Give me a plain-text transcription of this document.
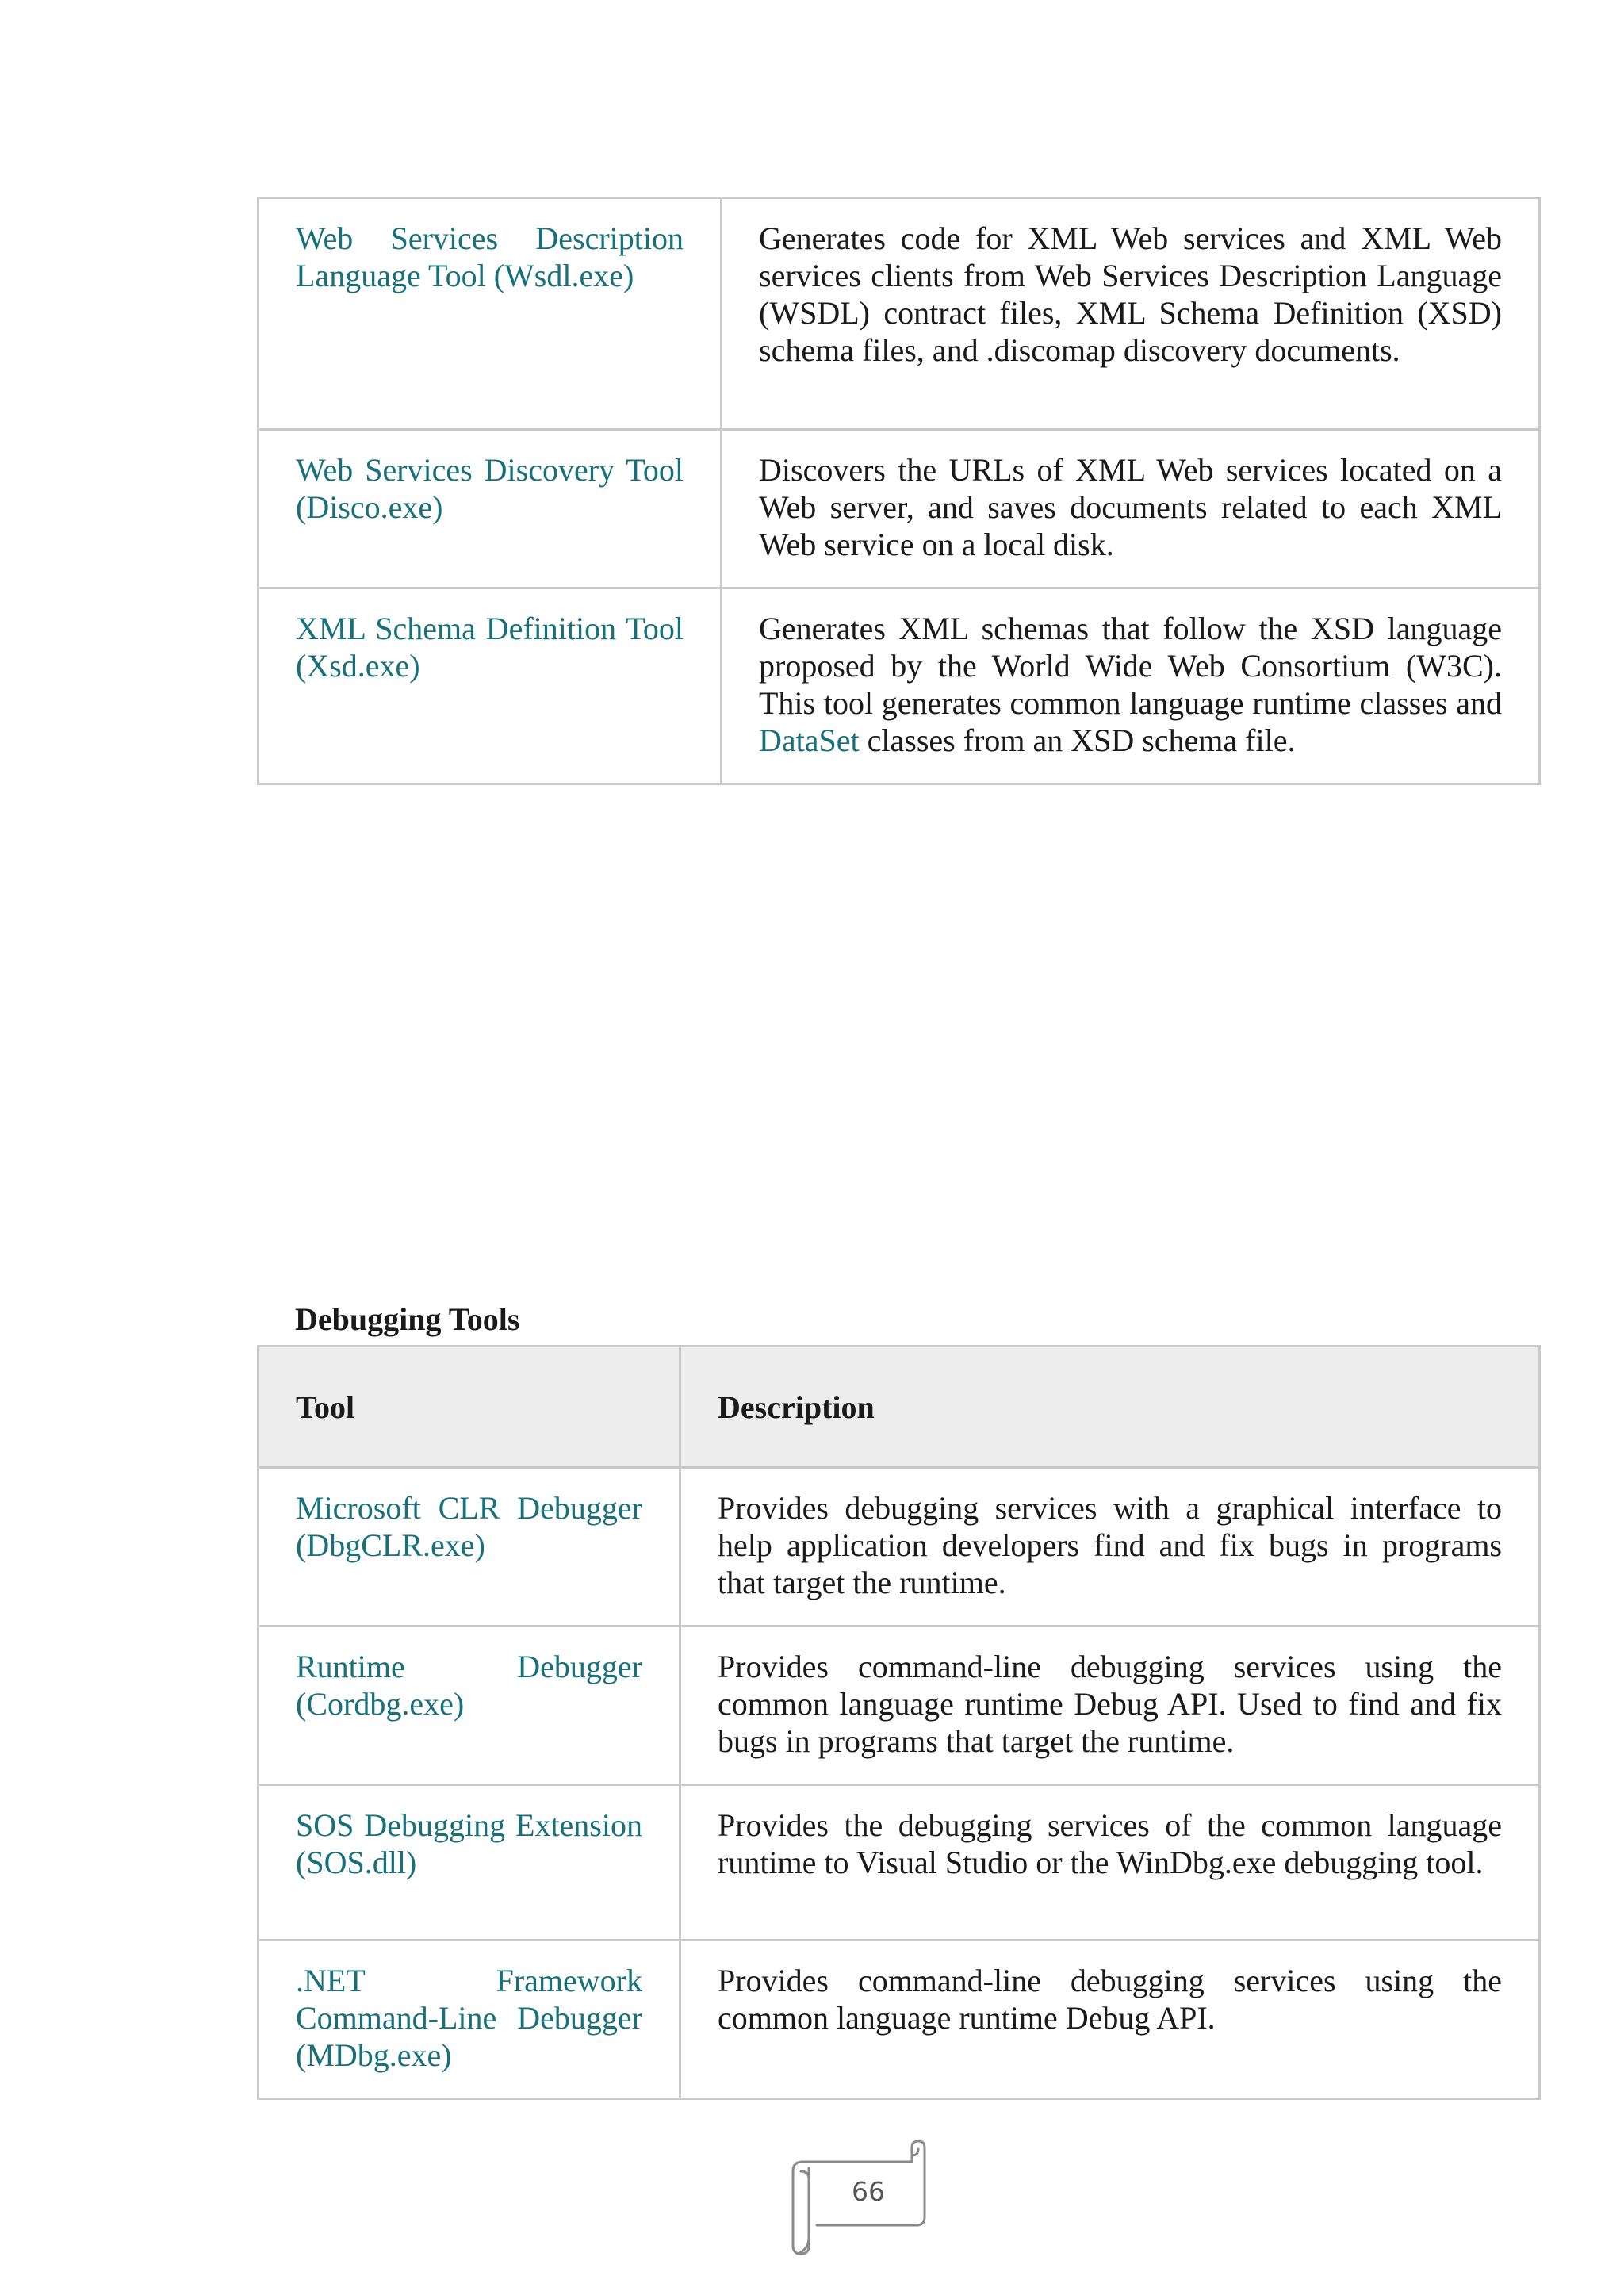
Web Services Description Language Tool (Wsdl.exe)	Generates code for XML Web services and XML Web services clients from Web Services Description Language (WSDL) contract files, XML Schema Definition (XSD) schema files, and .discomap discovery documents.
Web Services Discovery Tool (Disco.exe)	Discovers the URLs of XML Web services located on a Web server, and saves documents related to each XML Web service on a local disk.
XML Schema Definition Tool (Xsd.exe)	Generates XML schemas that follow the XSD language proposed by the World Wide Web Consortium (W3C). This tool generates common language runtime classes and DataSet classes from an XSD schema file.

Debugging Tools

Tool	Description
Microsoft CLR Debugger (DbgCLR.exe)	Provides debugging services with a graphical interface to help application developers find and fix bugs in programs that target the runtime.
Runtime Debugger (Cordbg.exe)	Provides command-line debugging services using the common language runtime Debug API. Used to find and fix bugs in programs that target the runtime.
SOS Debugging Extension (SOS.dll)	Provides the debugging services of the common language runtime to Visual Studio or the WinDbg.exe debugging tool.
.NET Framework Command-Line Debugger (MDbg.exe)	Provides command-line debugging services using the common language runtime Debug API.
66
